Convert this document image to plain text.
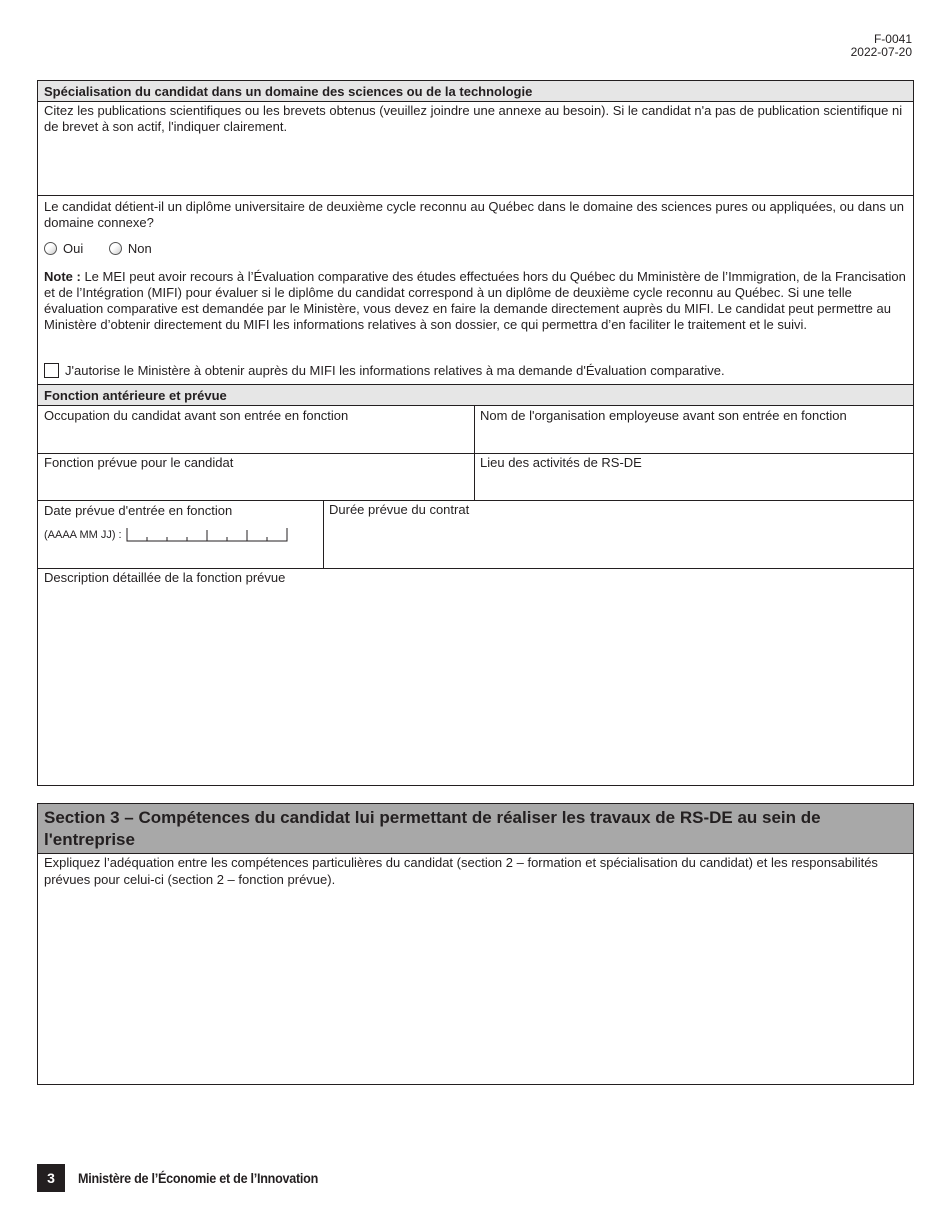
F-0041
2022-07-20
Spécialisation du candidat dans un domaine des sciences ou de la technologie
Citez les publications scientifiques ou les brevets obtenus (veuillez joindre une annexe au besoin). Si le candidat n'a pas de publication scientifique ni de brevet à son actif, l'indiquer clairement.
Le candidat détient-il un diplôme universitaire de deuxième cycle reconnu au Québec dans le domaine des sciences pures ou appliquées, ou dans un domaine connexe?
Oui	Non
Note : Le MEI peut avoir recours à l’Évaluation comparative des études effectuées hors du Québec du Mministère de l’Immigration, de la Francisation et de l’Intégration (MIFI) pour évaluer si le diplôme du candidat correspond à un diplôme de deuxième cycle reconnu au Québec. Si une telle évaluation comparative est demandée par le Ministère, vous devez en faire la demande directement auprès du MIFI. Le candidat peut permettre au Ministère d’obtenir directement du MIFI les informations relatives à son dossier, ce qui permettra d’en faciliter le traitement et le suivi.
J'autorise le Ministère à obtenir auprès du MIFI les informations relatives à ma demande d'Évaluation comparative.
Fonction antérieure et prévue
Occupation du candidat avant son entrée en fonction	Nom de l'organisation employeuse avant son entrée en fonction
Fonction prévue pour le candidat	Lieu des activités de RS-DE
Date prévue d'entrée en fonction
(AAAA MM JJ) :
Durée prévue du contrat
Description détaillée de la fonction prévue
Section 3 – Compétences du candidat lui permettant de réaliser les travaux de RS-DE au sein de l'entreprise
Expliquez l’adéquation entre les compétences particulières du candidat (section 2 – formation et spécialisation du candidat) et les responsabilités prévues pour celui-ci (section 2 – fonction prévue).
3	Ministère de l’Économie et de l’Innovation
